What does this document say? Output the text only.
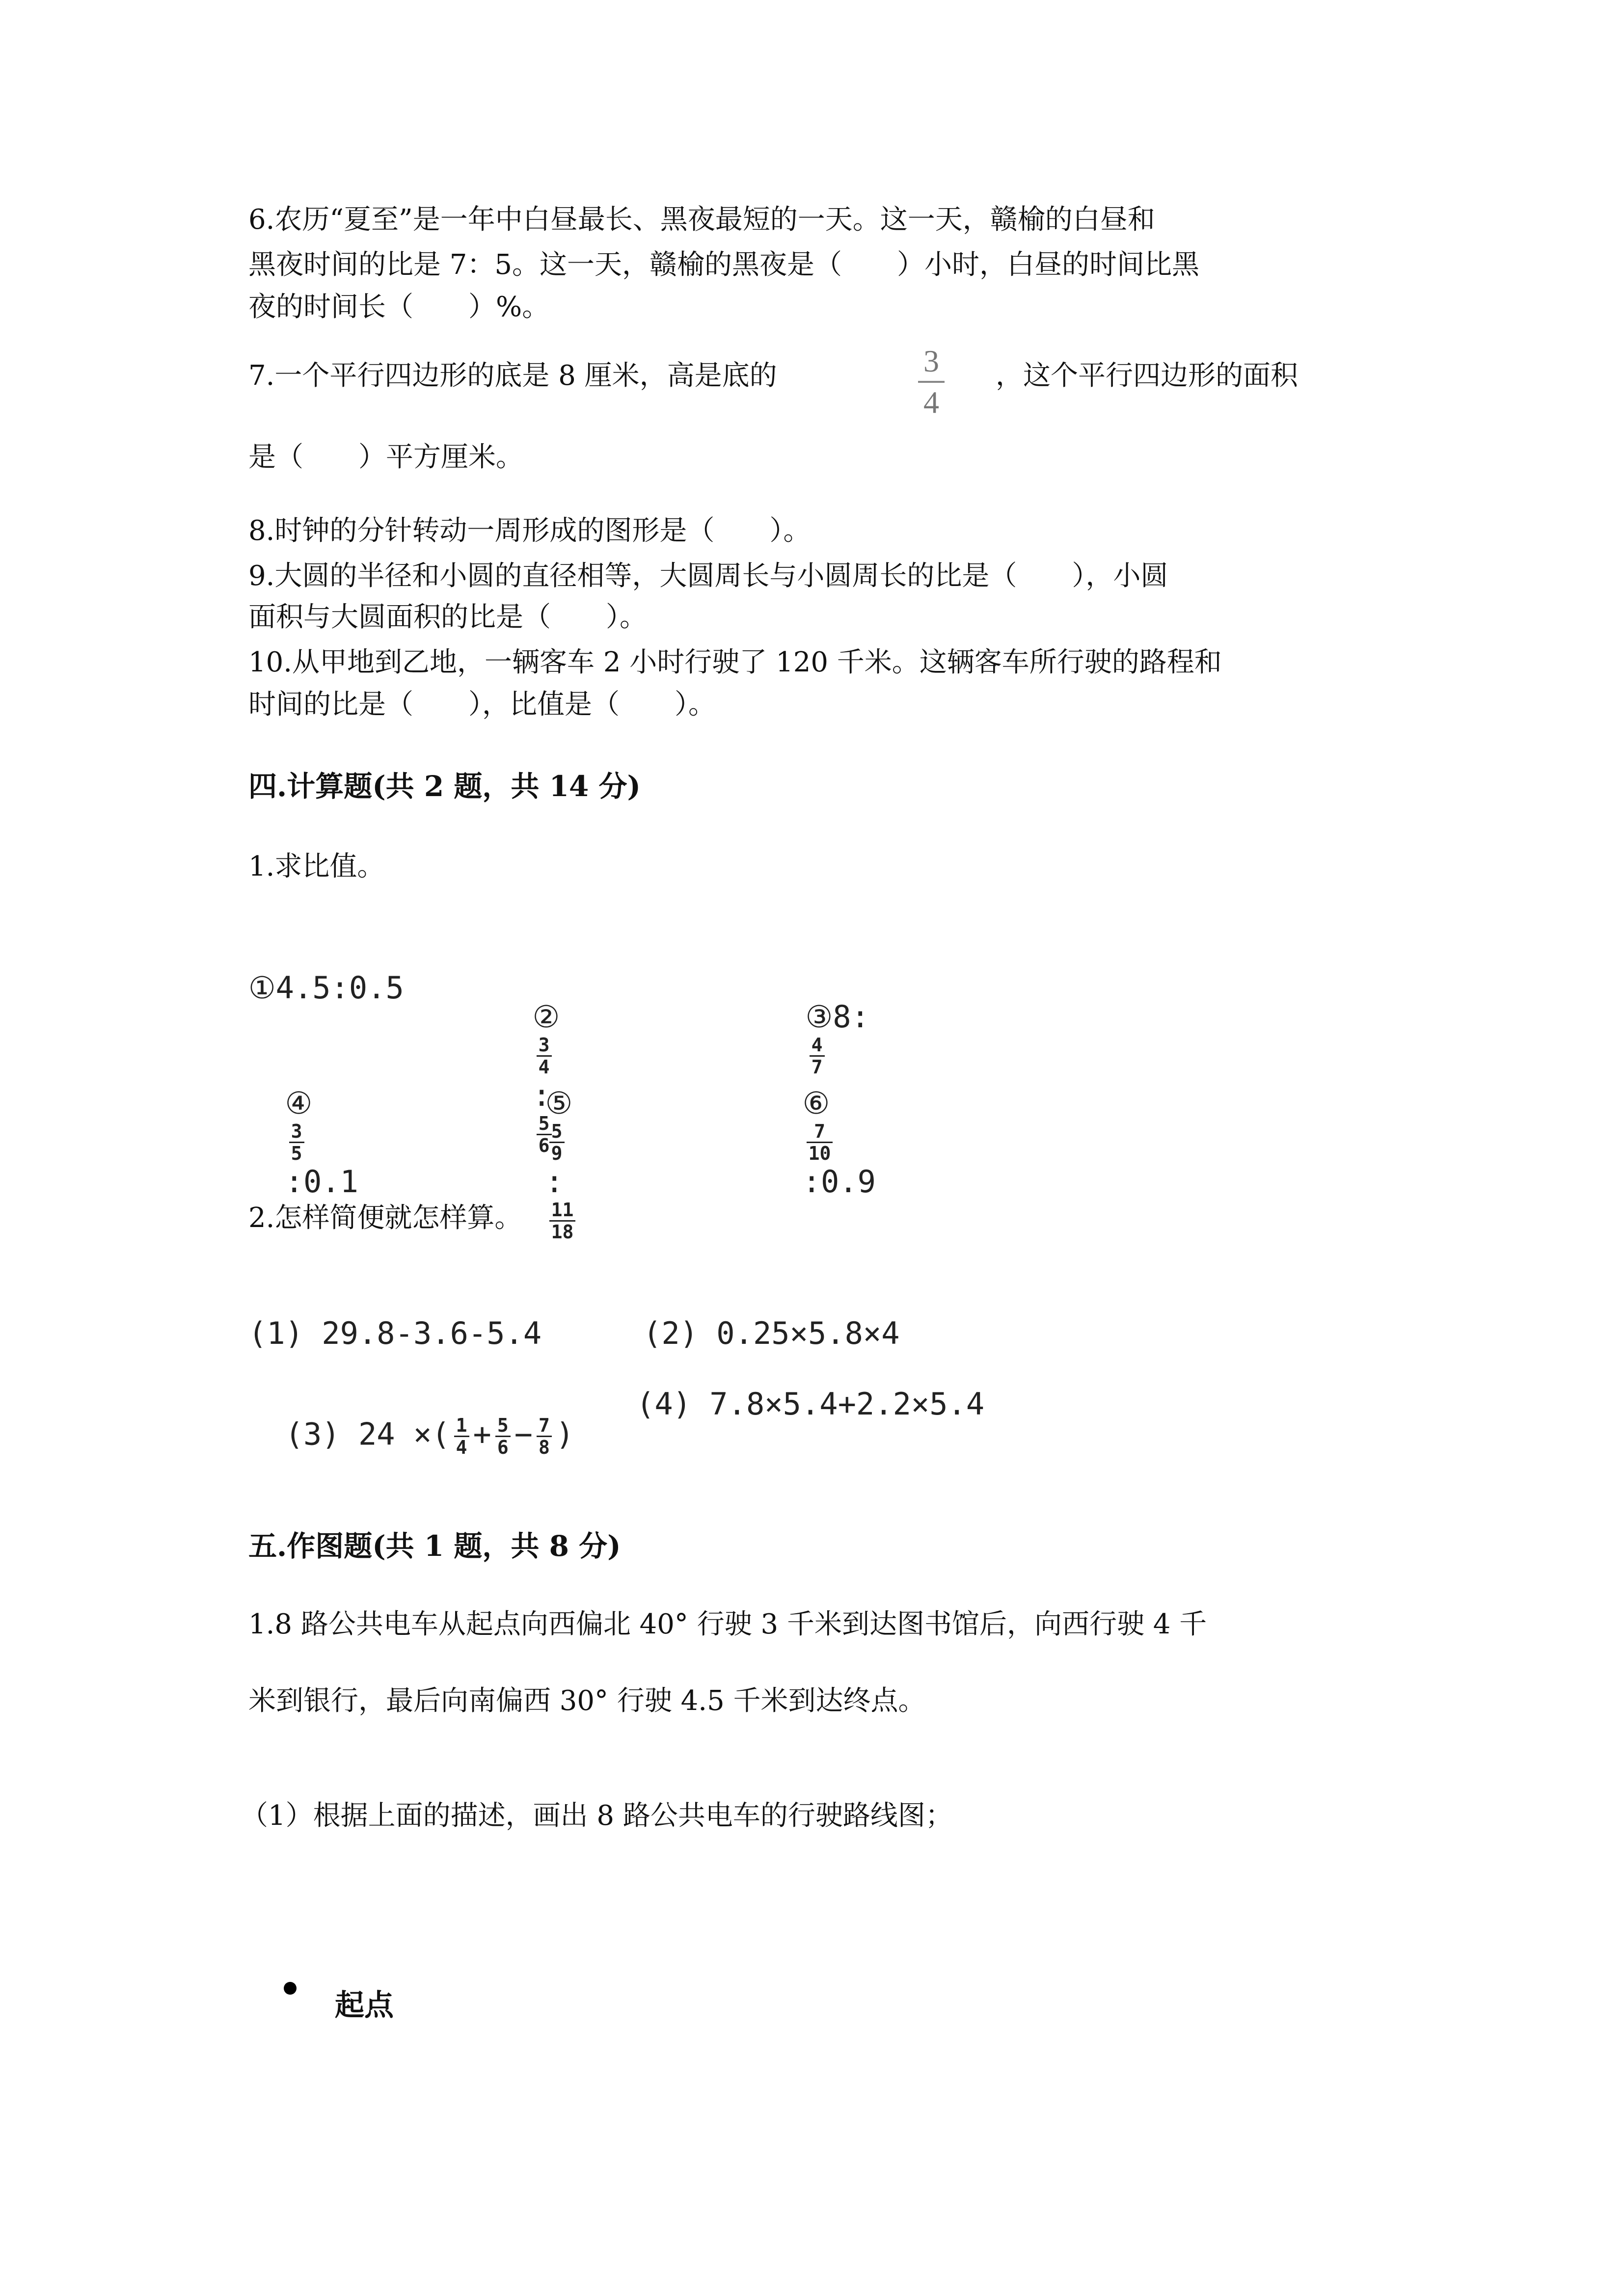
6.农历“夏至”是一年中白昼最长、黑夜最短的一天。这一天，赣榆的白昼和

黑夜时间的比是 7：5。这一天，赣榆的黑夜是（　　）小时，白昼的时间比黑

夜的时间长（　　）%。

7.一个平行四边形的底是 8 厘米，高是底的	3
4

，这个平行四边形的面积

是（　　）平方厘米。

8.时钟的分针转动一周形成的图形是（　　）。

9.大圆的半径和小圆的直径相等，大圆周长与小圆周长的比是（　　），小圆

面积与大圆面积的比是（　　）。

10.从甲地到乙地，一辆客车 2 小时行驶了 120 千米。这辆客车所行驶的路程和

时间的比是（　　），比值是（　　）。

四.计算题(共 2 题，共 14 分)

1.求比值。

①4.5:0.5

②

$\frac{3}{4}$

:

$\frac{5}{6}$

③8:

$\frac{4}{7}$

④

$\frac{3}{5}$

:0.1

⑤

$\frac{5}{9}$

:

$\frac{11}{18}$

⑥

$\frac{7}{10}$

:0.9

2.怎样简便就怎样算。

(1) 29.8-3.6-5.4	(2) 0.25×5.8×4

(3) 24 ×( $\frac{1}{4} + \frac{5}{6} - \frac{7}{8}$ )

(4) 7.8×5.4+2.2×5.4
五.作图题(共 1 题，共 8 分)

1.8 路公共电车从起点向西偏北 40° 行驶 3 千米到达图书馆后，向西行驶 4 千

米到银行，最后向南偏西 30° 行驶 4.5 千米到达终点。

（1）根据上面的描述，画出 8 路公共电车的行驶路线图；

起点
